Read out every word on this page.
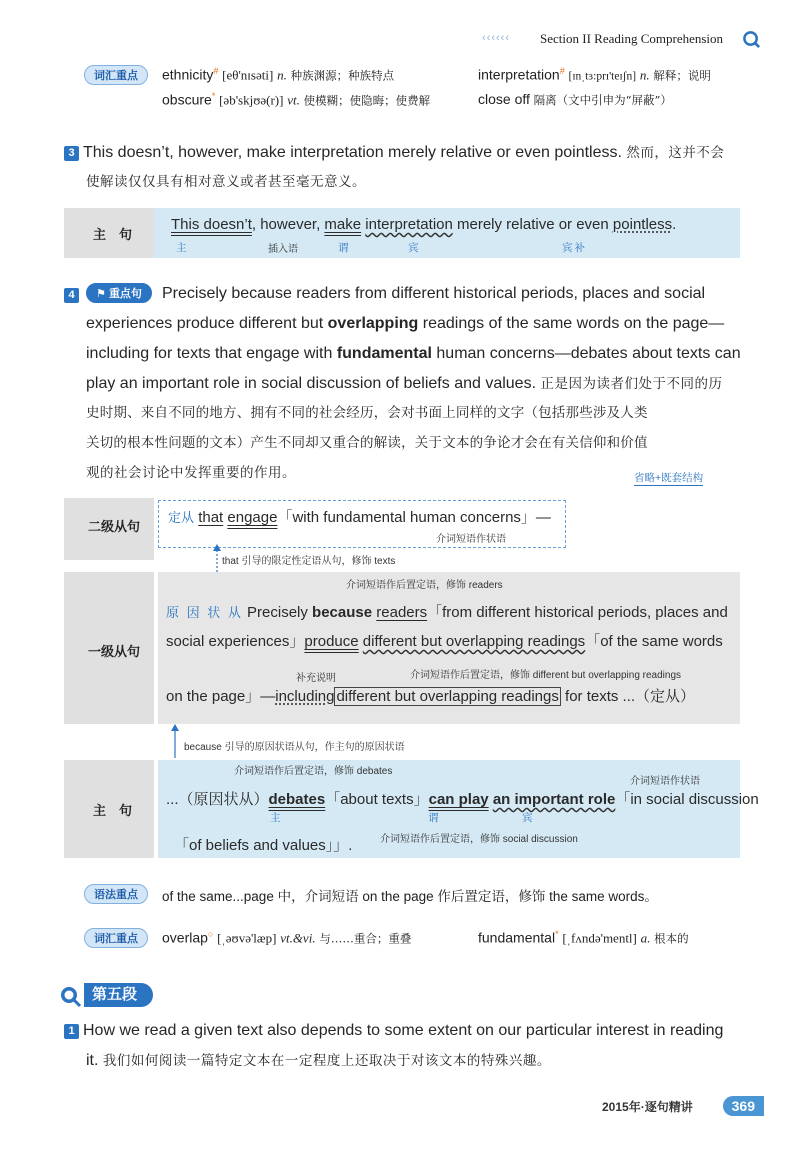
‹‹‹‹‹‹ Section II Reading Comprehension
词汇重点	ethnicity# [eθ'nɪsəti] n. 种族渊源；种族特点	interpretation# [ɪnˌtɜ:prɪ'teɪʃn] n. 解释；说明
obscure* [əb'skjʊə(r)] vt. 使模糊；使隐晦；使费解	close off 隔离（文中引申为“屏蔽”）
3 This doesn’t, however, make interpretation merely relative or even pointless. 然而，这并不会
使解读仅仅具有相对意义或者甚至毫无意义。
主　句
This doesn’t, however, make interpretation merely relative or even pointless.
主	插入语	谓	宾	宾补
4	⚑ 重点句	Precisely because readers from different historical periods, places and social
experiences produce different but overlapping readings of the same words on the page—
including for texts that engage with fundamental human concerns—debates about texts can
play an important role in social discussion of beliefs and values. 正是因为读者们处于不同的历
史时期、来自不同的地方、拥有不同的社会经历，会对书面上同样的文字（包括那些涉及人类
关切的根本性问题的文本）产生不同却又重合的解读，关于文本的争论才会在有关信仰和价值
观的社会讨论中发挥重要的作用。	省略+既套结构
二级从句
定从 that engage「with fundamental human concerns」—
介词短语作状语
that 引导的限定性定语从句，修饰 texts
一级从句
介词短语作后置定语，修饰 readers
原 因 状 从 Precisely because readers「from different historical periods, places and
social experiences」produce different but overlapping readings「of the same words
介词短语作后置定语，修饰 different but overlapping readings
补充说明
on the page」—including different but overlapping readings for texts ...（定从）
because 引导的原因状语从句，作主句的原因状语
主　句
介词短语作后置定语，修饰 debates
介词短语作状语
...（原因状从）debates「about texts」can play an important role「in social discussion
主	谓	宾
「of beliefs and values」」.	介词短语作后置定语，修饰 social discussion
语法重点	of the same...page 中，介词短语 on the page 作后置定语，修饰 the same words。
词汇重点	overlap○ [ˌəʊvə'læp] vt.&vi. 与……重合；重叠	fundamental* [ˌfʌndə'mentl] a. 根本的
第五段
1 How we read a given text also depends to some extent on our particular interest in reading
it. 我们如何阅读一篇特定文本在一定程度上还取决于对该文本的特殊兴趣。
2015年·逐句精讲	369
